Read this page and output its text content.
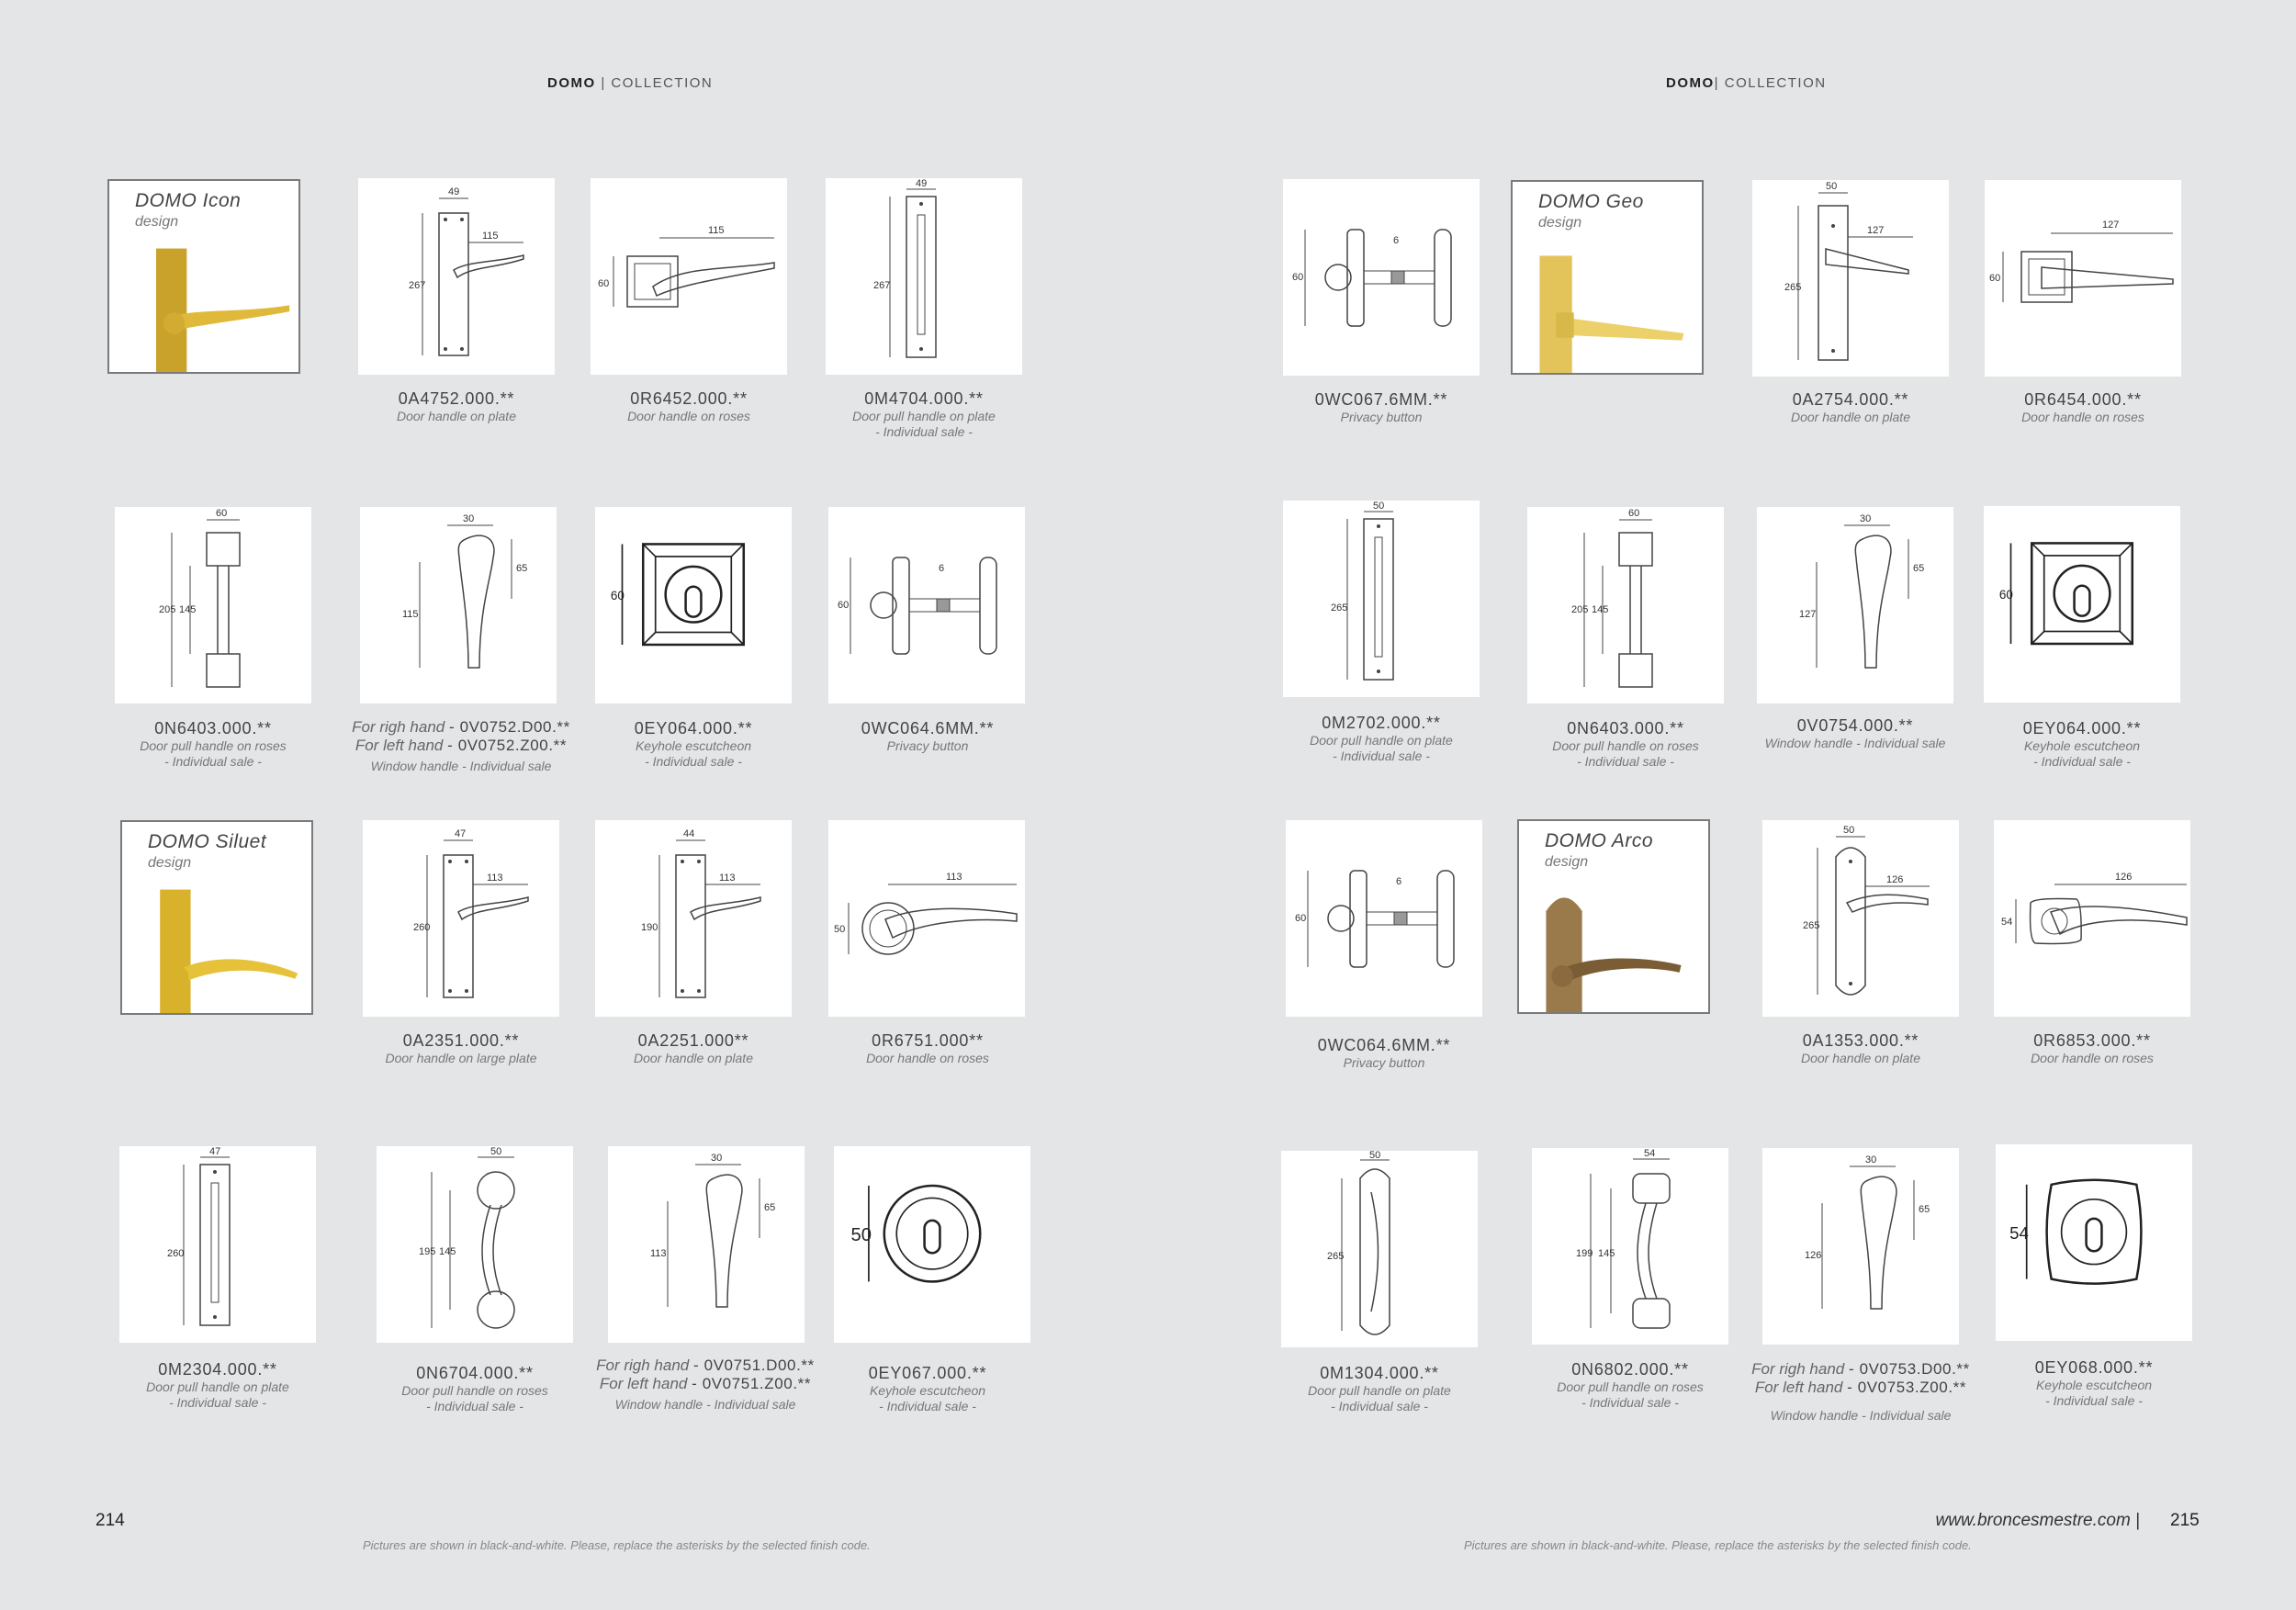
DOMO | COLLECTION	DOMO| COLLECTION
DOMO Icon
design
49
115
267
115
60
49
267
0A4752.000.**
Door handle on plate
0R6452.000.**
Door handle on roses
0M4704.000.**
Door pull handle on plate
- Individual sale -
60
145
205
30
65
115
60
60
6
0N6403.000.**
Door pull handle on roses
- Individual sale -
For righ hand - 0V0752.D00.**
For left hand - 0V0752.Z00.**
Window handle - Individual sale
0EY064.000.**
Keyhole escutcheon
- Individual sale -
0WC064.6MM.**
Privacy button
DOMO Siluet
design
47
113
260
44
113
190
113
50
0A2351.000.**
Door handle on large plate
0A2251.000**
Door handle on plate
0R6751.000**
Door handle on roses
47
260
50
145
195
30
65
113
50
0M2304.000.**
Door pull handle on plate
- Individual sale -
0N6704.000.**
Door pull handle on roses
- Individual sale -
For righ hand - 0V0751.D00.**
For left hand - 0V0751.Z00.**
Window handle - Individual sale
0EY067.000.**
Keyhole escutcheon
- Individual sale -
214
Pictures are shown in black-and-white. Please, replace the asterisks by the selected finish code.
60
6
DOMO Geo
design
50
127
265
127
60
0WC067.6MM.**
Privacy button
0A2754.000.**
Door handle on plate
0R6454.000.**
Door handle on roses
50
265
60
145
205
30
65
127
60
0M2702.000.**
Door pull handle on plate
- Individual sale -
0N6403.000.**
Door pull handle on roses
- Individual sale -
0V0754.000.**
Window handle - Individual sale
0EY064.000.**
Keyhole escutcheon
- Individual sale -
60
6
DOMO Arco
design
50
126
265
126
54
0WC064.6MM.**
Privacy button
0A1353.000.**
Door handle on plate
0R6853.000.**
Door handle on roses
50
265
54
145
199
30
65
126
54
0M1304.000.**
Door pull handle on plate
- Individual sale -
0N6802.000.**
Door pull handle on roses
- Individual sale -
For righ hand - 0V0753.D00.**
For left hand - 0V0753.Z00.**
Window handle - Individual sale
0EY068.000.**
Keyhole escutcheon
- Individual sale -
www.broncesmestre.com | 215
Pictures are shown in black-and-white. Please, replace the asterisks by the selected finish code.
